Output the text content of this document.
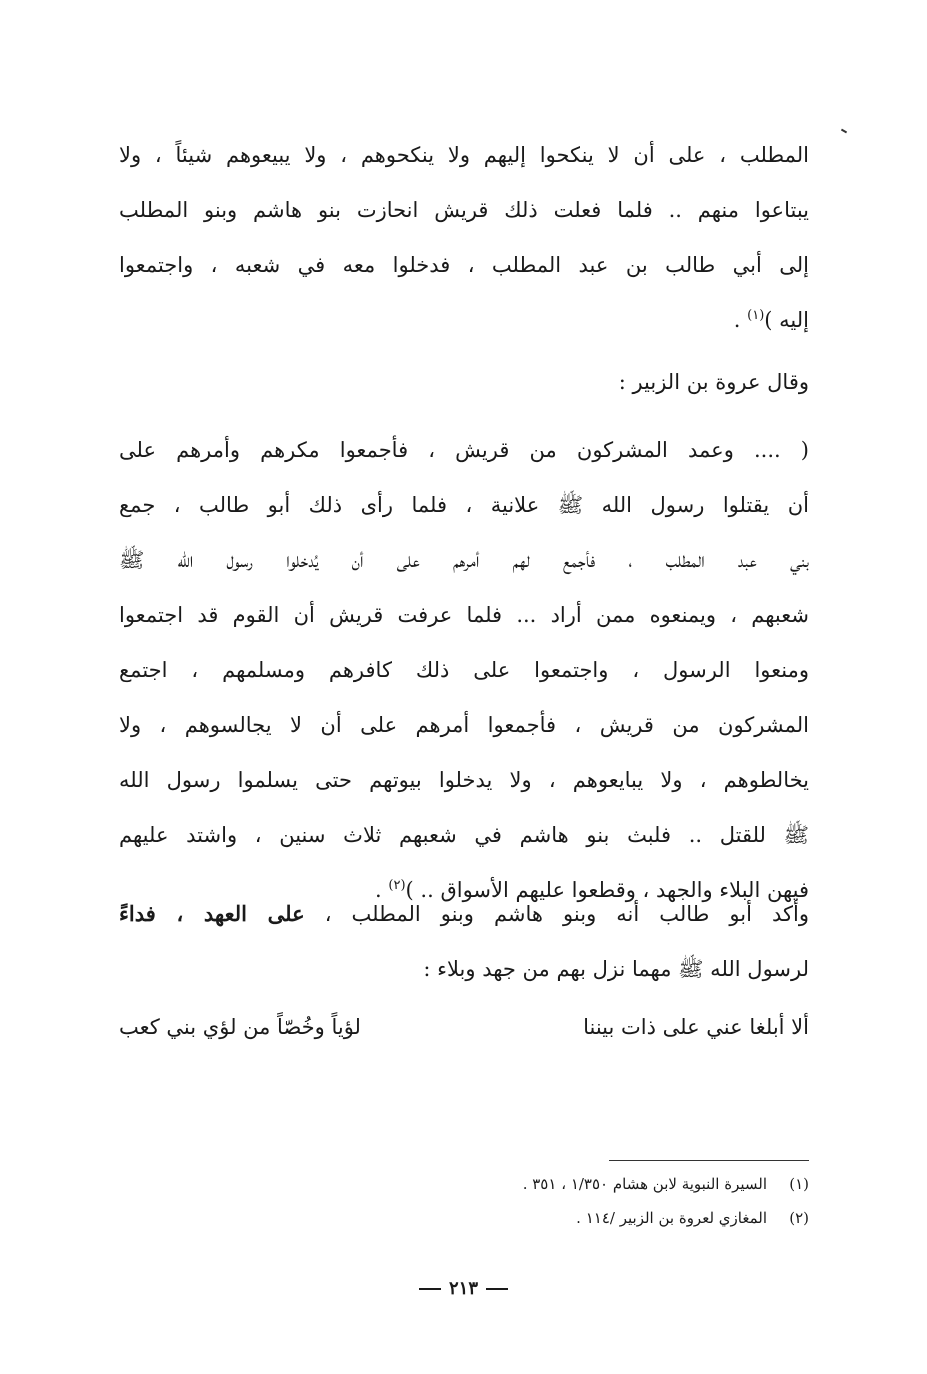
المطلب ، على أن لا ينكحوا إليهم ولا ينكحوهم ، ولا يبيعوهم شيئاً ، ولا
يبتاعوا منهم .. فلما فعلت ذلك قريش انحازت بنو هاشم وبنو المطلب
إلى أبي طالب بن عبد المطلب ، فدخلوا معه في شعبه ، واجتمعوا
إليه )$^{(١)}$ .
وقال عروة بن الزبير :
( .... وعمد المشركون من قريش ، فأجمعوا مكرهم وأمرهم على
أن يقتلوا رسول الله ﷺ علانية ، فلما رأى ذلك أبو طالب ، جمع
بني عبد المطلب ، فأجمع لهم أمرهم على أن يُدخلوا رسول الله ﷺ
شعبهم ، ويمنعوه ممن أراد ... فلما عرفت قريش أن القوم قد اجتمعوا
ومنعوا الرسول ، واجتمعوا على ذلك كافرهم ومسلمهم ، اجتمع
المشركون من قريش ، فأجمعوا أمرهم على أن لا يجالسوهم ، ولا
يخالطوهم ، ولا يبايعوهم ، ولا يدخلوا بيوتهم حتى يسلموا رسول الله
ﷺ للقتل .. فلبث بنو هاشم في شعبهم ثلاث سنين ، واشتد عليهم
فيهن البلاء والجهد ، وقطعوا عليهم الأسواق .. )$^{(٢)}$ .
وأكد أبو طالب أنه وبنو هاشم وبنو المطلب ، على العهد ، فداءً
لرسول الله ﷺ مهما نزل بهم من جهد وبلاء :
ألا أبلغا عني على ذات بيننا
لؤياً وخُصّاً من لؤي بني كعب
(١)السيرة النبوية لابن هشام ١/٣٥٠ ، ٣٥١ .
(٢)المغازي لعروة بن الزبير /١١٤ .
٢١٣
